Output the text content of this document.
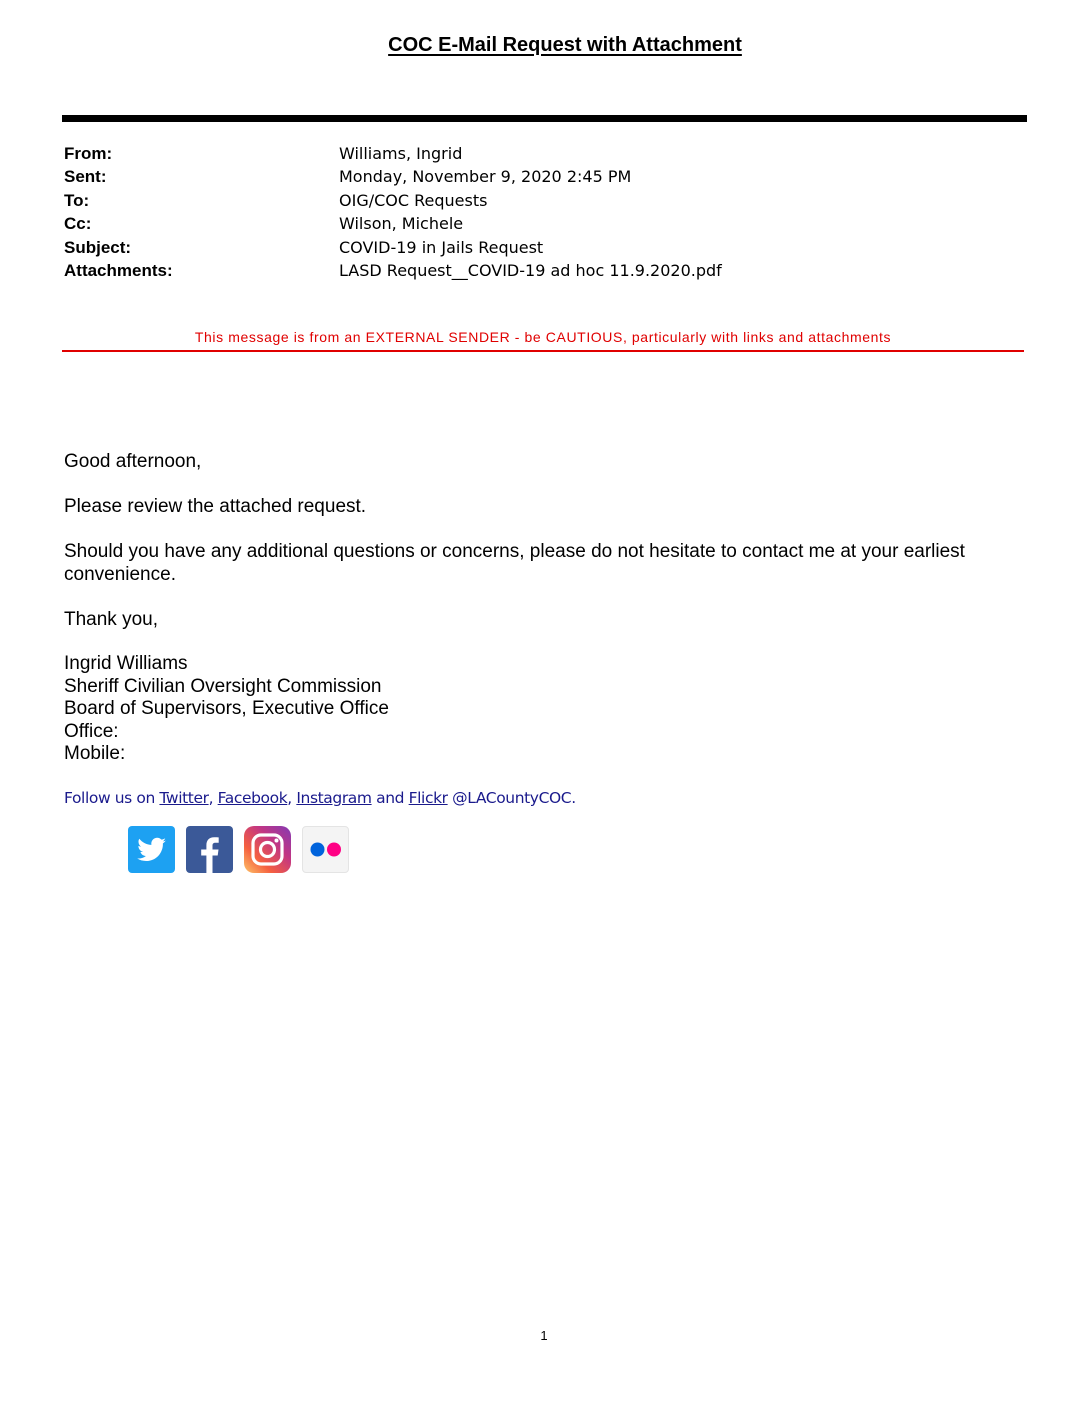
COC E-Mail Request with Attachment
From:	Williams, Ingrid
Sent:	Monday, November 9, 2020 2:45 PM
To:	OIG/COC Requests
Cc:	Wilson, Michele
Subject:	COVID-19 in Jails Request
Attachments:	LASD Request__COVID-19 ad hoc 11.9.2020.pdf
This message is from an EXTERNAL SENDER - be CAUTIOUS, particularly with links and attachments

Good afternoon,

Please review the attached request.

Should you have any additional questions or concerns, please do not hesitate to contact me at your earliest convenience.

Thank you,

Ingrid Williams
Sheriff Civilian Oversight Commission
Board of Supervisors, Executive Office
Office:
Mobile:
Follow us on Twitter, Facebook, Instagram and Flickr @LACountyCOC.
1
